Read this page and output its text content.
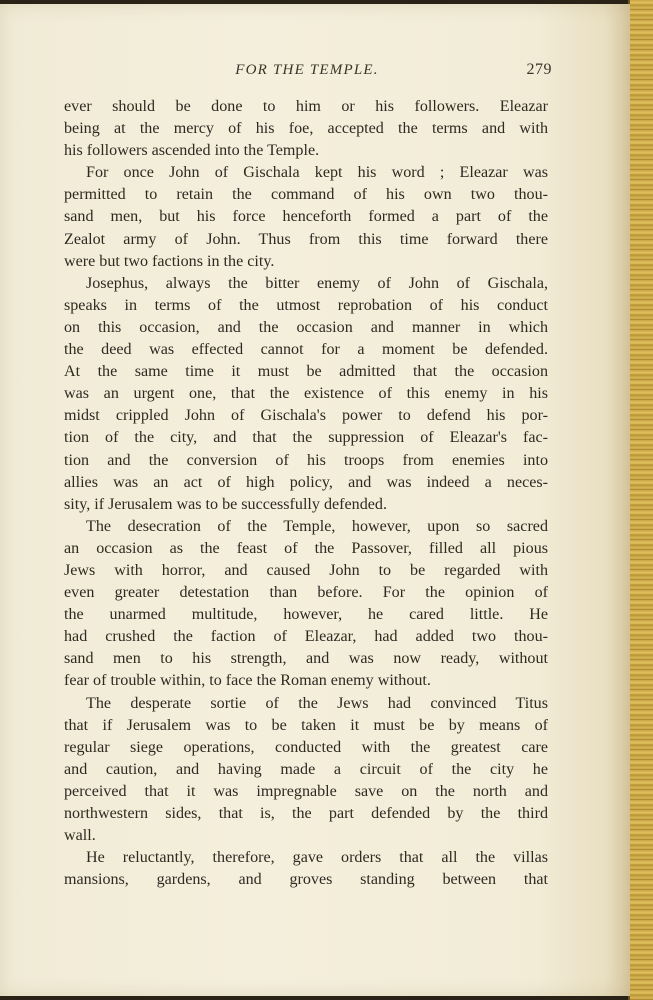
FOR THE TEMPLE.	279
ever should be done to him or his followers. Eleazar
being at the mercy of his foe, accepted the terms and with
his followers ascended into the Temple.
For once John of Gischala kept his word ; Eleazar was
permitted to retain the command of his own two thou-
sand men, but his force henceforth formed a part of the
Zealot army of John. Thus from this time forward there
were but two factions in the city.
Josephus, always the bitter enemy of John of Gischala,
speaks in terms of the utmost reprobation of his conduct
on this occasion, and the occasion and manner in which
the deed was effected cannot for a moment be defended.
At the same time it must be admitted that the occasion
was an urgent one, that the existence of this enemy in his
midst crippled John of Gischala's power to defend his por-
tion of the city, and that the suppression of Eleazar's fac-
tion and the conversion of his troops from enemies into
allies was an act of high policy, and was indeed a neces-
sity, if Jerusalem was to be successfully defended.
The desecration of the Temple, however, upon so sacred
an occasion as the feast of the Passover, filled all pious
Jews with horror, and caused John to be regarded with
even greater detestation than before. For the opinion of
the unarmed multitude, however, he cared little. He
had crushed the faction of Eleazar, had added two thou-
sand men to his strength, and was now ready, without
fear of trouble within, to face the Roman enemy without.
The desperate sortie of the Jews had convinced Titus
that if Jerusalem was to be taken it must be by means of
regular siege operations, conducted with the greatest care
and caution, and having made a circuit of the city he
perceived that it was impregnable save on the north and
northwestern sides, that is, the part defended by the third
wall.
He reluctantly, therefore, gave orders that all the villas
mansions, gardens, and groves standing between that
